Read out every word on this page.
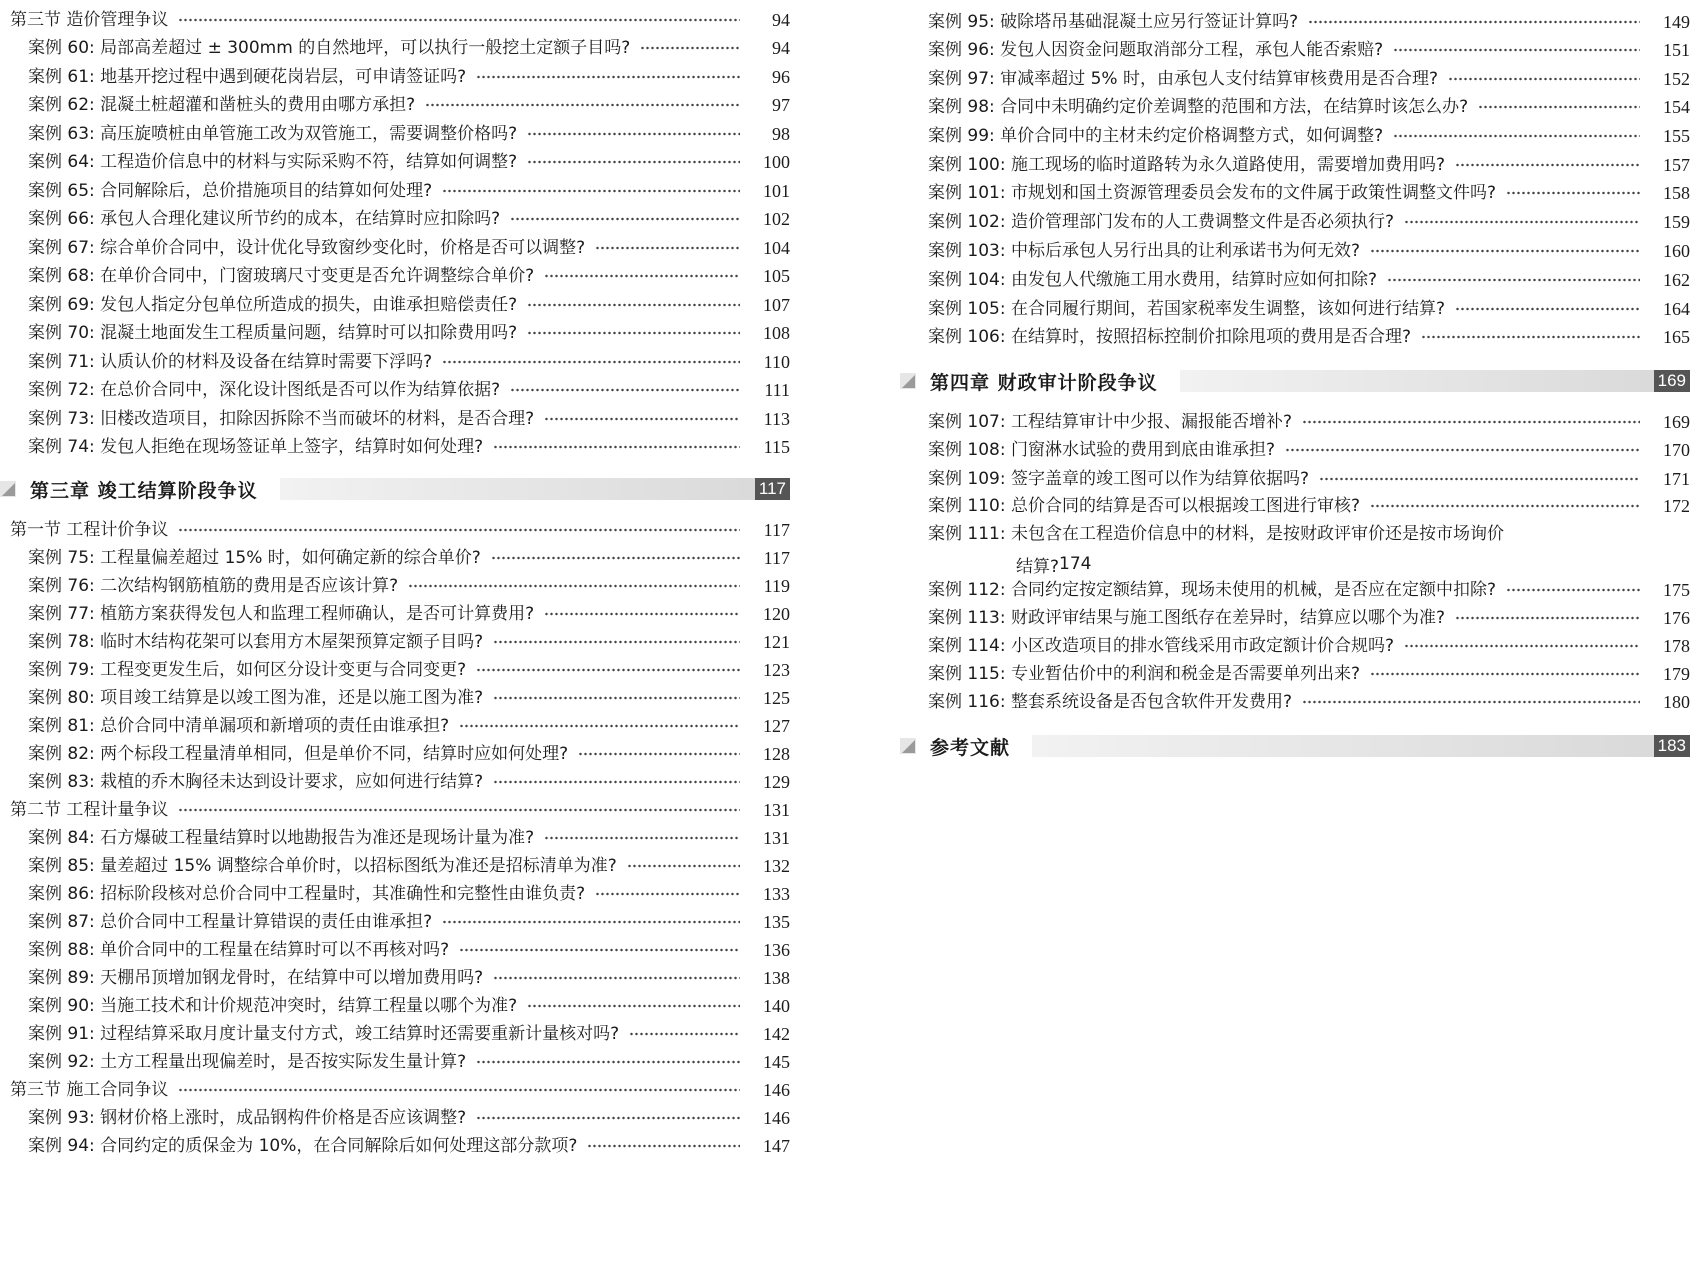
第三节 造价管理争议	94
案例 60: 局部高差超过 ± 300mm 的自然地坪，可以执行一般挖土定额子目吗?	94
案例 61: 地基开挖过程中遇到硬花岗岩层，可申请签证吗?	96
案例 62: 混凝土桩超灌和凿桩头的费用由哪方承担?	97
案例 63: 高压旋喷桩由单管施工改为双管施工，需要调整价格吗?	98
案例 64: 工程造价信息中的材料与实际采购不符，结算如何调整?	100
案例 65: 合同解除后，总价措施项目的结算如何处理?	101
案例 66: 承包人合理化建议所节约的成本，在结算时应扣除吗?	102
案例 67: 综合单价合同中，设计优化导致窗纱变化时，价格是否可以调整?	104
案例 68: 在单价合同中，门窗玻璃尺寸变更是否允许调整综合单价?	105
案例 69: 发包人指定分包单位所造成的损失，由谁承担赔偿责任?	107
案例 70: 混凝土地面发生工程质量问题，结算时可以扣除费用吗?	108
案例 71: 认质认价的材料及设备在结算时需要下浮吗?	110
案例 72: 在总价合同中，深化设计图纸是否可以作为结算依据?	111
案例 73: 旧楼改造项目，扣除因拆除不当而破坏的材料，是否合理?	113
案例 74: 发包人拒绝在现场签证单上签字，结算时如何处理?	115
第三章 竣工结算阶段争议	117
第一节 工程计价争议	117
案例 75: 工程量偏差超过 15% 时，如何确定新的综合单价?	117
案例 76: 二次结构钢筋植筋的费用是否应该计算?	119
案例 77: 植筋方案获得发包人和监理工程师确认，是否可计算费用?	120
案例 78: 临时木结构花架可以套用方木屋架预算定额子目吗?	121
案例 79: 工程变更发生后，如何区分设计变更与合同变更?	123
案例 80: 项目竣工结算是以竣工图为准，还是以施工图为准?	125
案例 81: 总价合同中清单漏项和新增项的责任由谁承担?	127
案例 82: 两个标段工程量清单相同，但是单价不同，结算时应如何处理?	128
案例 83: 栽植的乔木胸径未达到设计要求，应如何进行结算?	129
第二节 工程计量争议	131
案例 84: 石方爆破工程量结算时以地勘报告为准还是现场计量为准?	131
案例 85: 量差超过 15% 调整综合单价时，以招标图纸为准还是招标清单为准?	132
案例 86: 招标阶段核对总价合同中工程量时，其准确性和完整性由谁负责?	133
案例 87: 总价合同中工程量计算错误的责任由谁承担?	135
案例 88: 单价合同中的工程量在结算时可以不再核对吗?	136
案例 89: 天棚吊顶增加钢龙骨时，在结算中可以增加费用吗?	138
案例 90: 当施工技术和计价规范冲突时，结算工程量以哪个为准?	140
案例 91: 过程结算采取月度计量支付方式，竣工结算时还需要重新计量核对吗?	142
案例 92: 土方工程量出现偏差时，是否按实际发生量计算?	145
第三节 施工合同争议	146
案例 93: 钢材价格上涨时，成品钢构件价格是否应该调整?	146
案例 94: 合同约定的质保金为 10%，在合同解除后如何处理这部分款项?	147
案例 95: 破除塔吊基础混凝土应另行签证计算吗?	149
案例 96: 发包人因资金问题取消部分工程，承包人能否索赔?	151
案例 97: 审减率超过 5% 时，由承包人支付结算审核费用是否合理?	152
案例 98: 合同中未明确约定价差调整的范围和方法，在结算时该怎么办?	154
案例 99: 单价合同中的主材未约定价格调整方式，如何调整?	155
案例 100: 施工现场的临时道路转为永久道路使用，需要增加费用吗?	157
案例 101: 市规划和国土资源管理委员会发布的文件属于政策性调整文件吗?	158
案例 102: 造价管理部门发布的人工费调整文件是否必须执行?	159
案例 103: 中标后承包人另行出具的让利承诺书为何无效?	160
案例 104: 由发包人代缴施工用水费用，结算时应如何扣除?	162
案例 105: 在合同履行期间，若国家税率发生调整，该如何进行结算?	164
案例 106: 在结算时，按照招标控制价扣除甩项的费用是否合理?	165
第四章 财政审计阶段争议	169
案例 107: 工程结算审计中少报、漏报能否增补?	169
案例 108: 门窗淋水试验的费用到底由谁承担?	170
案例 109: 签字盖章的竣工图可以作为结算依据吗?	171
案例 110: 总价合同的结算是否可以根据竣工图进行审核?	172
案例 111: 未包含在工程造价信息中的材料，是按财政评审价还是按市场询价
结算? 174
案例 112: 合同约定按定额结算，现场未使用的机械，是否应在定额中扣除?	175
案例 113: 财政评审结果与施工图纸存在差异时，结算应以哪个为准?	176
案例 114: 小区改造项目的排水管线采用市政定额计价合规吗?	178
案例 115: 专业暂估价中的利润和税金是否需要单列出来?	179
案例 116: 整套系统设备是否包含软件开发费用?	180
参考文献	183
